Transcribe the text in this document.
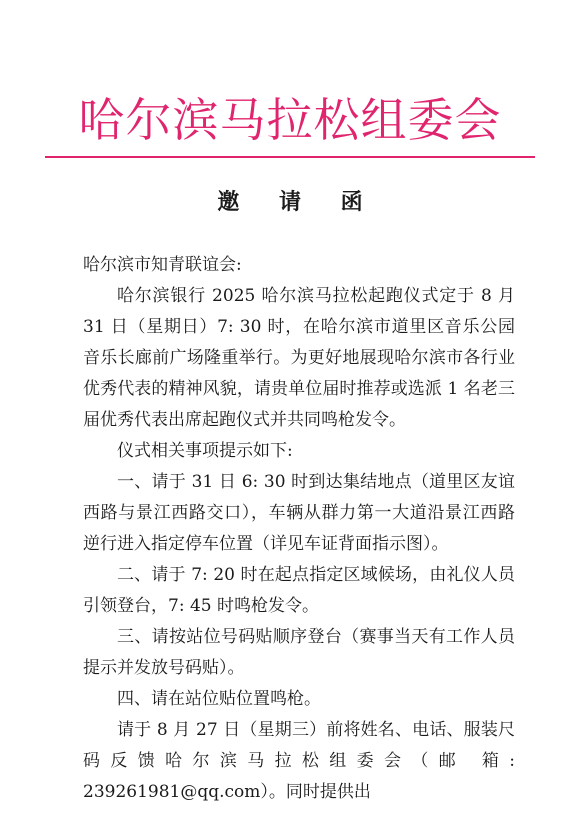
哈尔滨马拉松组委会
邀 请 函

哈尔滨市知青联谊会:

哈尔滨银行 2025 哈尔滨马拉松起跑仪式定于 8 月 31 日（星期日）7: 30 时，在哈尔滨市道里区音乐公园音乐长廊前广场隆重举行。为更好地展现哈尔滨市各行业优秀代表的精神风貌，请贵单位届时推荐或选派 1 名老三届优秀代表出席起跑仪式并共同鸣枪发令。

仪式相关事项提示如下:

一、请于 31 日 6: 30 时到达集结地点（道里区友谊西路与景江西路交口），车辆从群力第一大道沿景江西路逆行进入指定停车位置（详见车证背面指示图）。

二、请于 7: 20 时在起点指定区域候场，由礼仪人员引领登台，7: 45 时鸣枪发令。

三、请按站位号码贴顺序登台（赛事当天有工作人员提示并发放号码贴）。

四、请在站位贴位置鸣枪。

请于 8 月 27 日（星期三）前将姓名、电话、服装尺码反馈哈尔滨马拉松组委会（邮 箱: 239261981@qq.com）。同时提供出
